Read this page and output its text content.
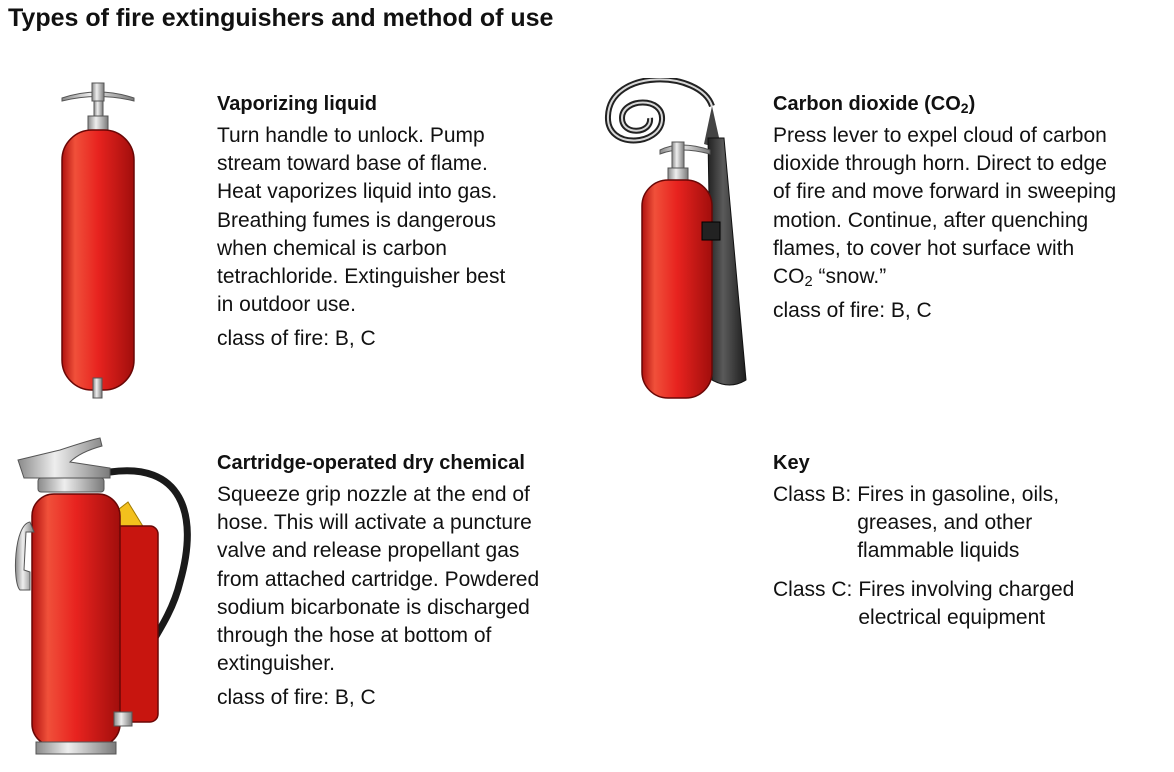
Types of fire extinguishers and method of use
Vaporizing liquid
Turn handle to unlock. Pump
stream toward base of flame.
Heat vaporizes liquid into gas.
Breathing fumes is dangerous
when chemical is carbon
tetrachloride. Extinguisher best
in outdoor use.
class of fire: B, C
Carbon dioxide $(CO_2)$
Press lever to expel cloud of carbon
dioxide through horn. Direct to edge
of fire and move forward in sweeping
motion. Continue, after quenching
flames, to cover hot surface with
$CO_2$ “snow.”
class of fire: B, C
Cartridge-operated dry chemical
Squeeze grip nozzle at the end of
hose. This will activate a puncture
valve and release propellant gas
from attached cartridge. Powdered
sodium bicarbonate is discharged
through the hose at bottom of
extinguisher.
class of fire: B, C
Key
Class B: Fires in gasoline, oils,
greases, and other
flammable liquids
Class C: Fires involving charged
electrical equipment
